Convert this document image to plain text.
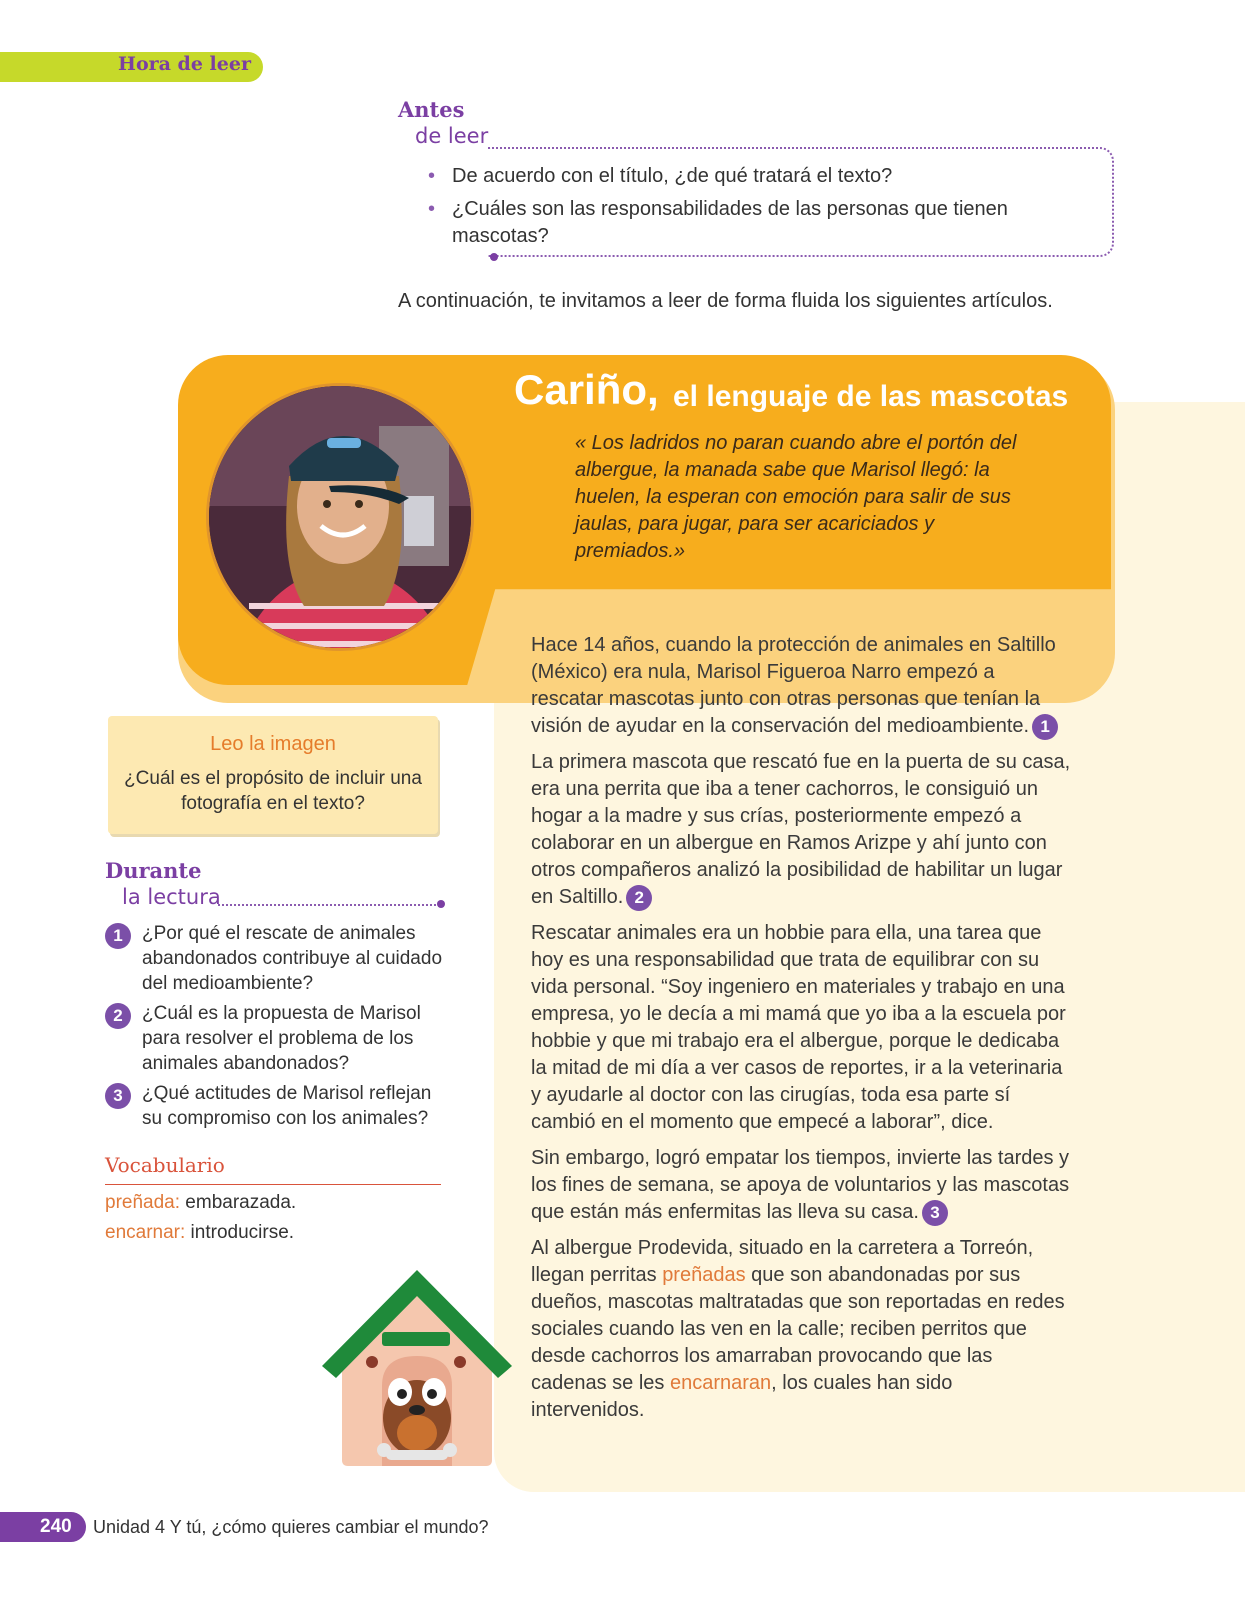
Hora de leer
Antes
de leer
• De acuerdo con el título, ¿de qué tratará el texto?
• ¿Cuáles son las responsabilidades de las personas que tienen mascotas?
A continuación, te invitamos a leer de forma fluida los siguientes artículos.
Cariño, el lenguaje de las mascotas
« Los ladridos no paran cuando abre el portón del albergue, la manada sabe que Marisol llegó: la huelen, la esperan con emoción para salir de sus jaulas, para jugar, para ser acariciados y premiados.»
Leo la imagen
¿Cuál es el propósito de incluir una fotografía en el texto?
Durante
la lectura
1	¿Por qué el rescate de animales abandonados contribuye al cuidado del medioambiente?
2	¿Cuál es la propuesta de Marisol para resolver el problema de los animales abandonados?
3	¿Qué actitudes de Marisol reflejan su compromiso con los animales?
Vocabulario
preñada: embarazada.
encarnar: introducirse.

Hace 14 años, cuando la protección de animales en Saltillo (México) era nula, Marisol Figueroa Narro empezó a rescatar mascotas junto con otras personas que tenían la visión de ayudar en la conservación del medioambiente. 1

La primera mascota que rescató fue en la puerta de su casa, era una perrita que iba a tener cachorros, le consiguió un hogar a la madre y sus crías, posteriormente empezó a colaborar en un albergue en Ramos Arizpe y ahí junto con otros compañeros analizó la posibilidad de habilitar un lugar en Saltillo. 2

Rescatar animales era un hobbie para ella, una tarea que hoy es una responsabilidad que trata de equilibrar con su vida personal. “Soy ingeniero en materiales y trabajo en una empresa, yo le decía a mi mamá que yo iba a la escuela por hobbie y que mi trabajo era el albergue, porque le dedicaba la mitad de mi día a ver casos de reportes, ir a la veterinaria y ayudarle al doctor con las cirugías, toda esa parte sí cambió en el momento que empecé a laborar”, dice.

Sin embargo, logró empatar los tiempos, invierte las tardes y los fines de semana, se apoya de voluntarios y las mascotas que están más enfermitas las lleva su casa. 3

Al albergue Prodevida, situado en la carretera a Torreón, llegan perritas preñadas que son abandonadas por sus dueños, mascotas maltratadas que son reportadas en redes sociales cuando las ven en la calle; reciben perritos que desde cachorros los amarraban provocando que las cadenas se les encarnaran, los cuales han sido intervenidos.

240	Unidad 4 Y tú, ¿cómo quieres cambiar el mundo?
